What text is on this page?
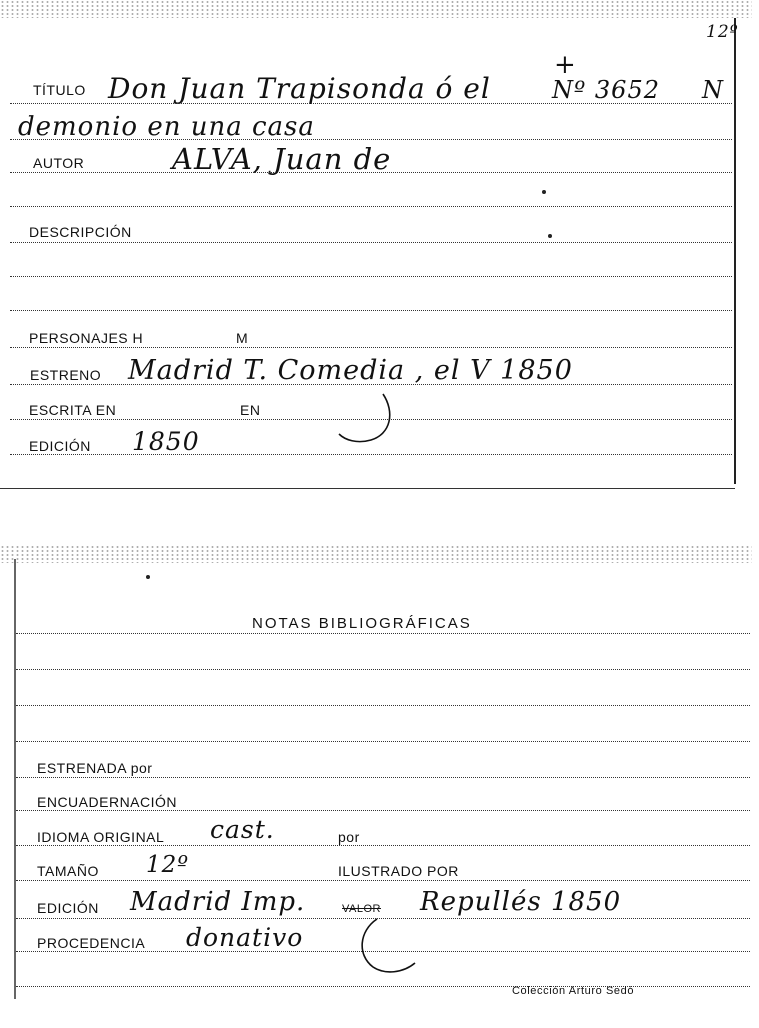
12º
TÍTULO Don Juan Trapisonda ó el
+
Nº 3652 N
demonio en una casa
AUTOR	ALVA, Juan de
DESCRIPCIÓN
PERSONAJES H	M
ESTRENO Madrid T. Comedia , el V 1850
ESCRITA EN	EN
EDICIÓN 1850
NOTAS BIBLIOGRÁFICAS
ESTRENADA por
ENCUADERNACIÓN
IDIOMA ORIGINAL cast.	por
TAMAÑO 12º	ILUSTRADO POR
EDICIÓN Madrid Imp.	VALOR Repullés 1850
PROCEDENCIA donativo
Colección Arturo Sedó
